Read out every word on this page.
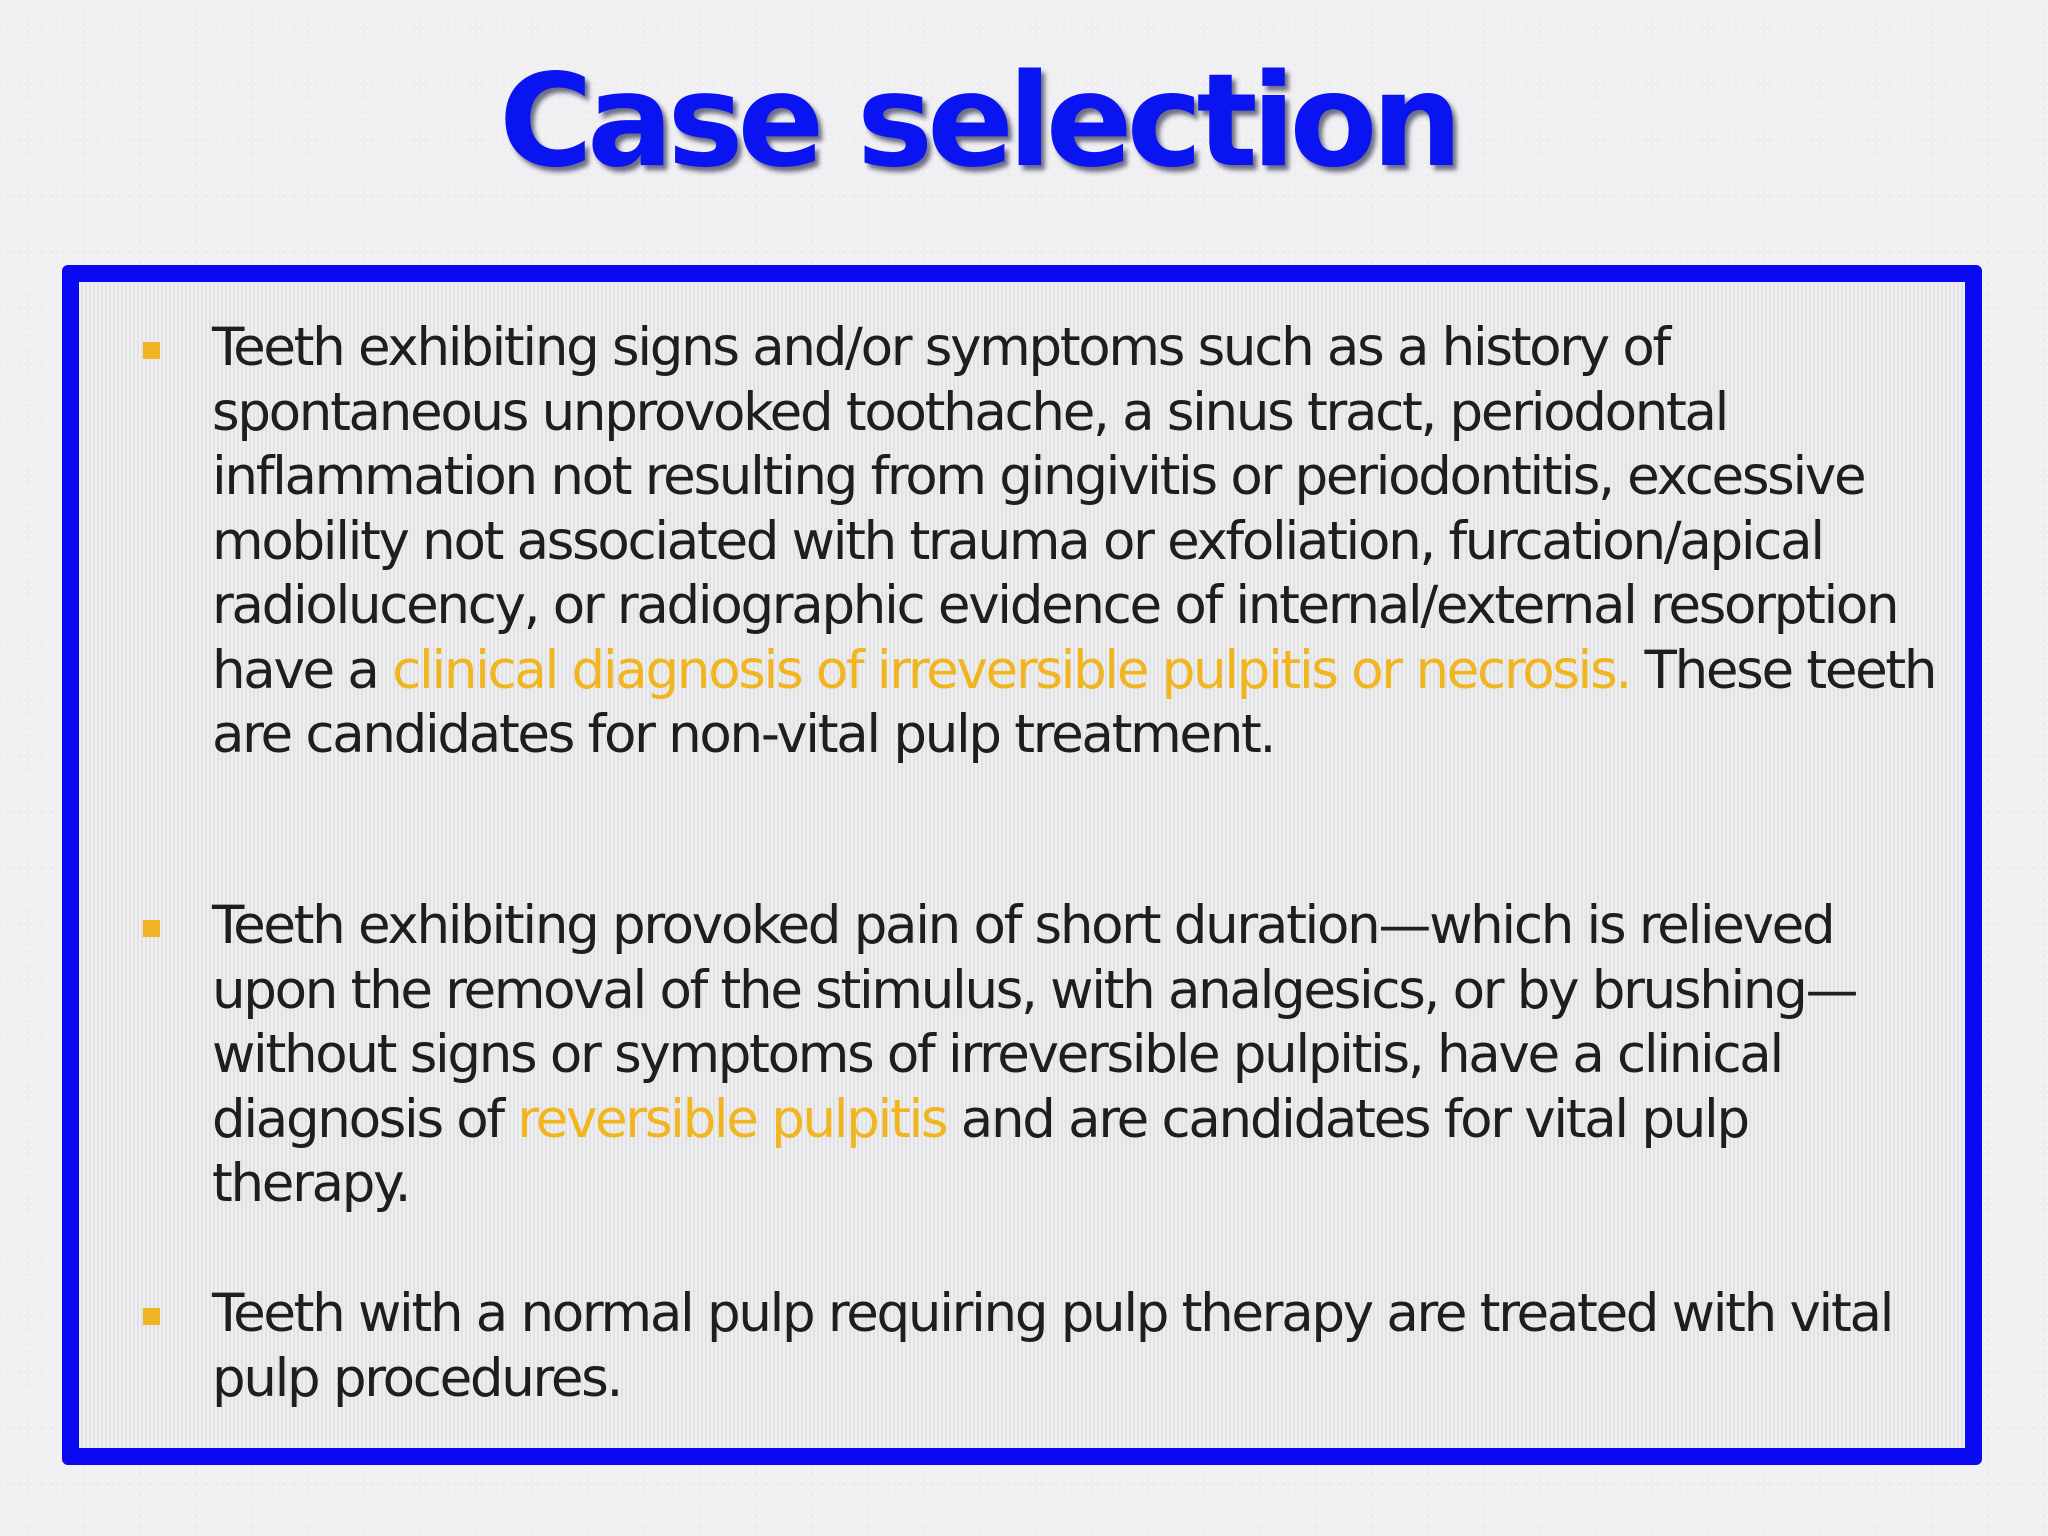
Case selection

Teeth exhibiting signs and/or symptoms such as a history of spontaneous unprovoked toothache, a sinus tract, periodontal inflammation not resulting from gingivitis or periodontitis, excessive mobility not associated with trauma or exfoliation, furcation/apical radiolucency, or radiographic evidence of internal/external resorption have a clinical diagnosis of irreversible pulpitis or necrosis. These teeth are candidates for non-vital pulp treatment.

Teeth exhibiting provoked pain of short duration—which is relieved upon the removal of the stimulus, with analgesics, or by brushing—without signs or symptoms of irreversible pulpitis, have a clinical diagnosis of reversible pulpitis and are candidates for vital pulp therapy.

Teeth with a normal pulp requiring pulp therapy are treated with vital pulp procedures.
